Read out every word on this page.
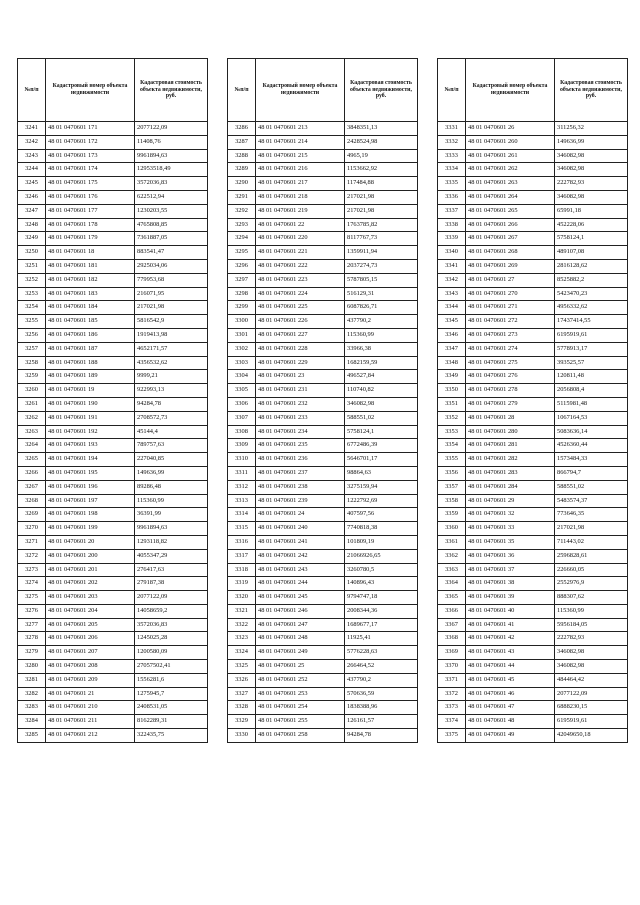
№п/п	Кадастровый номер объекта недвижимости	Кадастровая стоимость объекта недвижимости, руб.
3241	48 01 0470601 171	2077122,09
3242	48 01 0470601 172	11408,76
3243	48 01 0470601 173	9961894,63
3244	48 01 0470601 174	12953518,49
3245	48 01 0470601 175	3572036,83
3246	48 01 0470601 176	622512,94
3247	48 01 0470601 177	1230203,55
3248	48 01 0470601 178	4765808,85
3249	48 01 0470601 179	7361887,05
3250	48 01 0470601 18	883541,47
3251	48 01 0470601 181	2925034,06
3252	48 01 0470601 182	779953,68
3253	48 01 0470601 183	216071,95
3254	48 01 0470601 184	217021,98
3255	48 01 0470601 185	5816542,9
3256	48 01 0470601 186	1919413,98
3257	48 01 0470601 187	4652171,57
3258	48 01 0470601 188	4356532,62
3259	48 01 0470601 189	9999,21
3260	48 01 0470601 19	922993,13
3261	48 01 0470601 190	94284,78
3262	48 01 0470601 191	2708572,73
3263	48 01 0470601 192	45144,4
3264	48 01 0470601 193	789757,63
3265	48 01 0470601 194	227040,85
3266	48 01 0470601 195	149636,99
3267	48 01 0470601 196	89286,48
3268	48 01 0470601 197	115360,99
3269	48 01 0470601 198	36391,99
3270	48 01 0470601 199	9961894,63
3271	48 01 0470601 20	1293118,82
3272	48 01 0470601 200	4055347,29
3273	48 01 0470601 201	276417,63
3274	48 01 0470601 202	279187,38
3275	48 01 0470601 203	2077122,09
3276	48 01 0470601 204	14058659,2
3277	48 01 0470601 205	3572036,83
3278	48 01 0470601 206	1245025,28
3279	48 01 0470601 207	1200580,09
3280	48 01 0470601 208	27057502,41
3281	48 01 0470601 209	1556281,6
3282	48 01 0470601 21	1275945,7
3283	48 01 0470601 210	2408531,05
3284	48 01 0470601 211	8162289,31
3285	48 01 0470601 212	322435,75
№п/п	Кадастровый номер объекта недвижимости	Кадастровая стоимость объекта недвижимости, руб.
3286	48 01 0470601 213	3848351,13
3287	48 01 0470601 214	2428524,98
3288	48 01 0470601 215	4965,19
3289	48 01 0470601 216	1153662,92
3290	48 01 0470601 217	117484,88
3291	48 01 0470601 218	217021,98
3292	48 01 0470601 219	217021,98
3293	48 01 0470601 22	1763785,82
3294	48 01 0470601 220	8117767,73
3295	48 01 0470601 221	1359911,94
3296	48 01 0470601 222	2037274,73
3297	48 01 0470601 223	5787805,15
3298	48 01 0470601 224	516129,31
3299	48 01 0470601 225	6087826,71
3300	48 01 0470601 226	437790,2
3301	48 01 0470601 227	115360,99
3302	48 01 0470601 228	33966,38
3303	48 01 0470601 229	1682159,59
3304	48 01 0470601 23	496527,84
3305	48 01 0470601 231	110740,82
3306	48 01 0470601 232	346082,98
3307	48 01 0470601 233	588551,02
3308	48 01 0470601 234	5758124,1
3309	48 01 0470601 235	6772486,39
3310	48 01 0470601 236	5646701,17
3311	48 01 0470601 237	98864,63
3312	48 01 0470601 238	3275159,94
3313	48 01 0470601 239	1222792,69
3314	48 01 0470601 24	407597,56
3315	48 01 0470601 240	7740818,38
3316	48 01 0470601 241	101809,19
3317	48 01 0470601 242	21066926,65
3318	48 01 0470601 243	3260780,5
3319	48 01 0470601 244	140896,43
3320	48 01 0470601 245	9794747,18
3321	48 01 0470601 246	2008344,36
3322	48 01 0470601 247	1689677,17
3323	48 01 0470601 248	11925,41
3324	48 01 0470601 249	5776228,63
3325	48 01 0470601 25	266464,52
3326	48 01 0470601 252	437790,2
3327	48 01 0470601 253	570636,59
3328	48 01 0470601 254	1838388,96
3329	48 01 0470601 255	126161,57
3330	48 01 0470601 258	94284,78
№п/п	Кадастровый номер объекта недвижимости	Кадастровая стоимость объекта недвижимости, руб.
3331	48 01 0470601 26	311256,32
3332	48 01 0470601 260	149636,99
3333	48 01 0470601 261	346082,98
3334	48 01 0470601 262	346082,98
3335	48 01 0470601 263	222782,93
3336	48 01 0470601 264	346082,98
3337	48 01 0470601 265	65991,18
3338	48 01 0470601 266	452228,06
3339	48 01 0470601 267	5758124,1
3340	48 01 0470601 268	489107,08
3341	48 01 0470601 269	2816128,62
3342	48 01 0470601 27	8525882,2
3343	48 01 0470601 270	5423470,23
3344	48 01 0470601 271	4956332,62
3345	48 01 0470601 272	17437414,55
3346	48 01 0470601 273	6195919,61
3347	48 01 0470601 274	5778913,17
3348	48 01 0470601 275	393525,57
3349	48 01 0470601 276	120811,48
3350	48 01 0470601 278	2056808,4
3351	48 01 0470601 279	5115981,48
3352	48 01 0470601 28	1067164,53
3353	48 01 0470601 280	5083636,14
3354	48 01 0470601 281	4526360,44
3355	48 01 0470601 282	1573484,33
3356	48 01 0470601 283	866794,7
3357	48 01 0470601 284	588551,02
3358	48 01 0470601 29	5483574,37
3359	48 01 0470601 32	773646,35
3360	48 01 0470601 33	217021,98
3361	48 01 0470601 35	711443,02
3362	48 01 0470601 36	2596828,61
3363	48 01 0470601 37	226660,05
3364	48 01 0470601 38	2552976,9
3365	48 01 0470601 39	888307,62
3366	48 01 0470601 40	115360,99
3367	48 01 0470601 41	5956184,05
3368	48 01 0470601 42	222782,93
3369	48 01 0470601 43	346082,98
3370	48 01 0470601 44	346082,98
3371	48 01 0470601 45	484464,42
3372	48 01 0470601 46	2077122,09
3373	48 01 0470601 47	6888230,15
3374	48 01 0470601 48	6195919,61
3375	48 01 0470601 49	42049650,18
